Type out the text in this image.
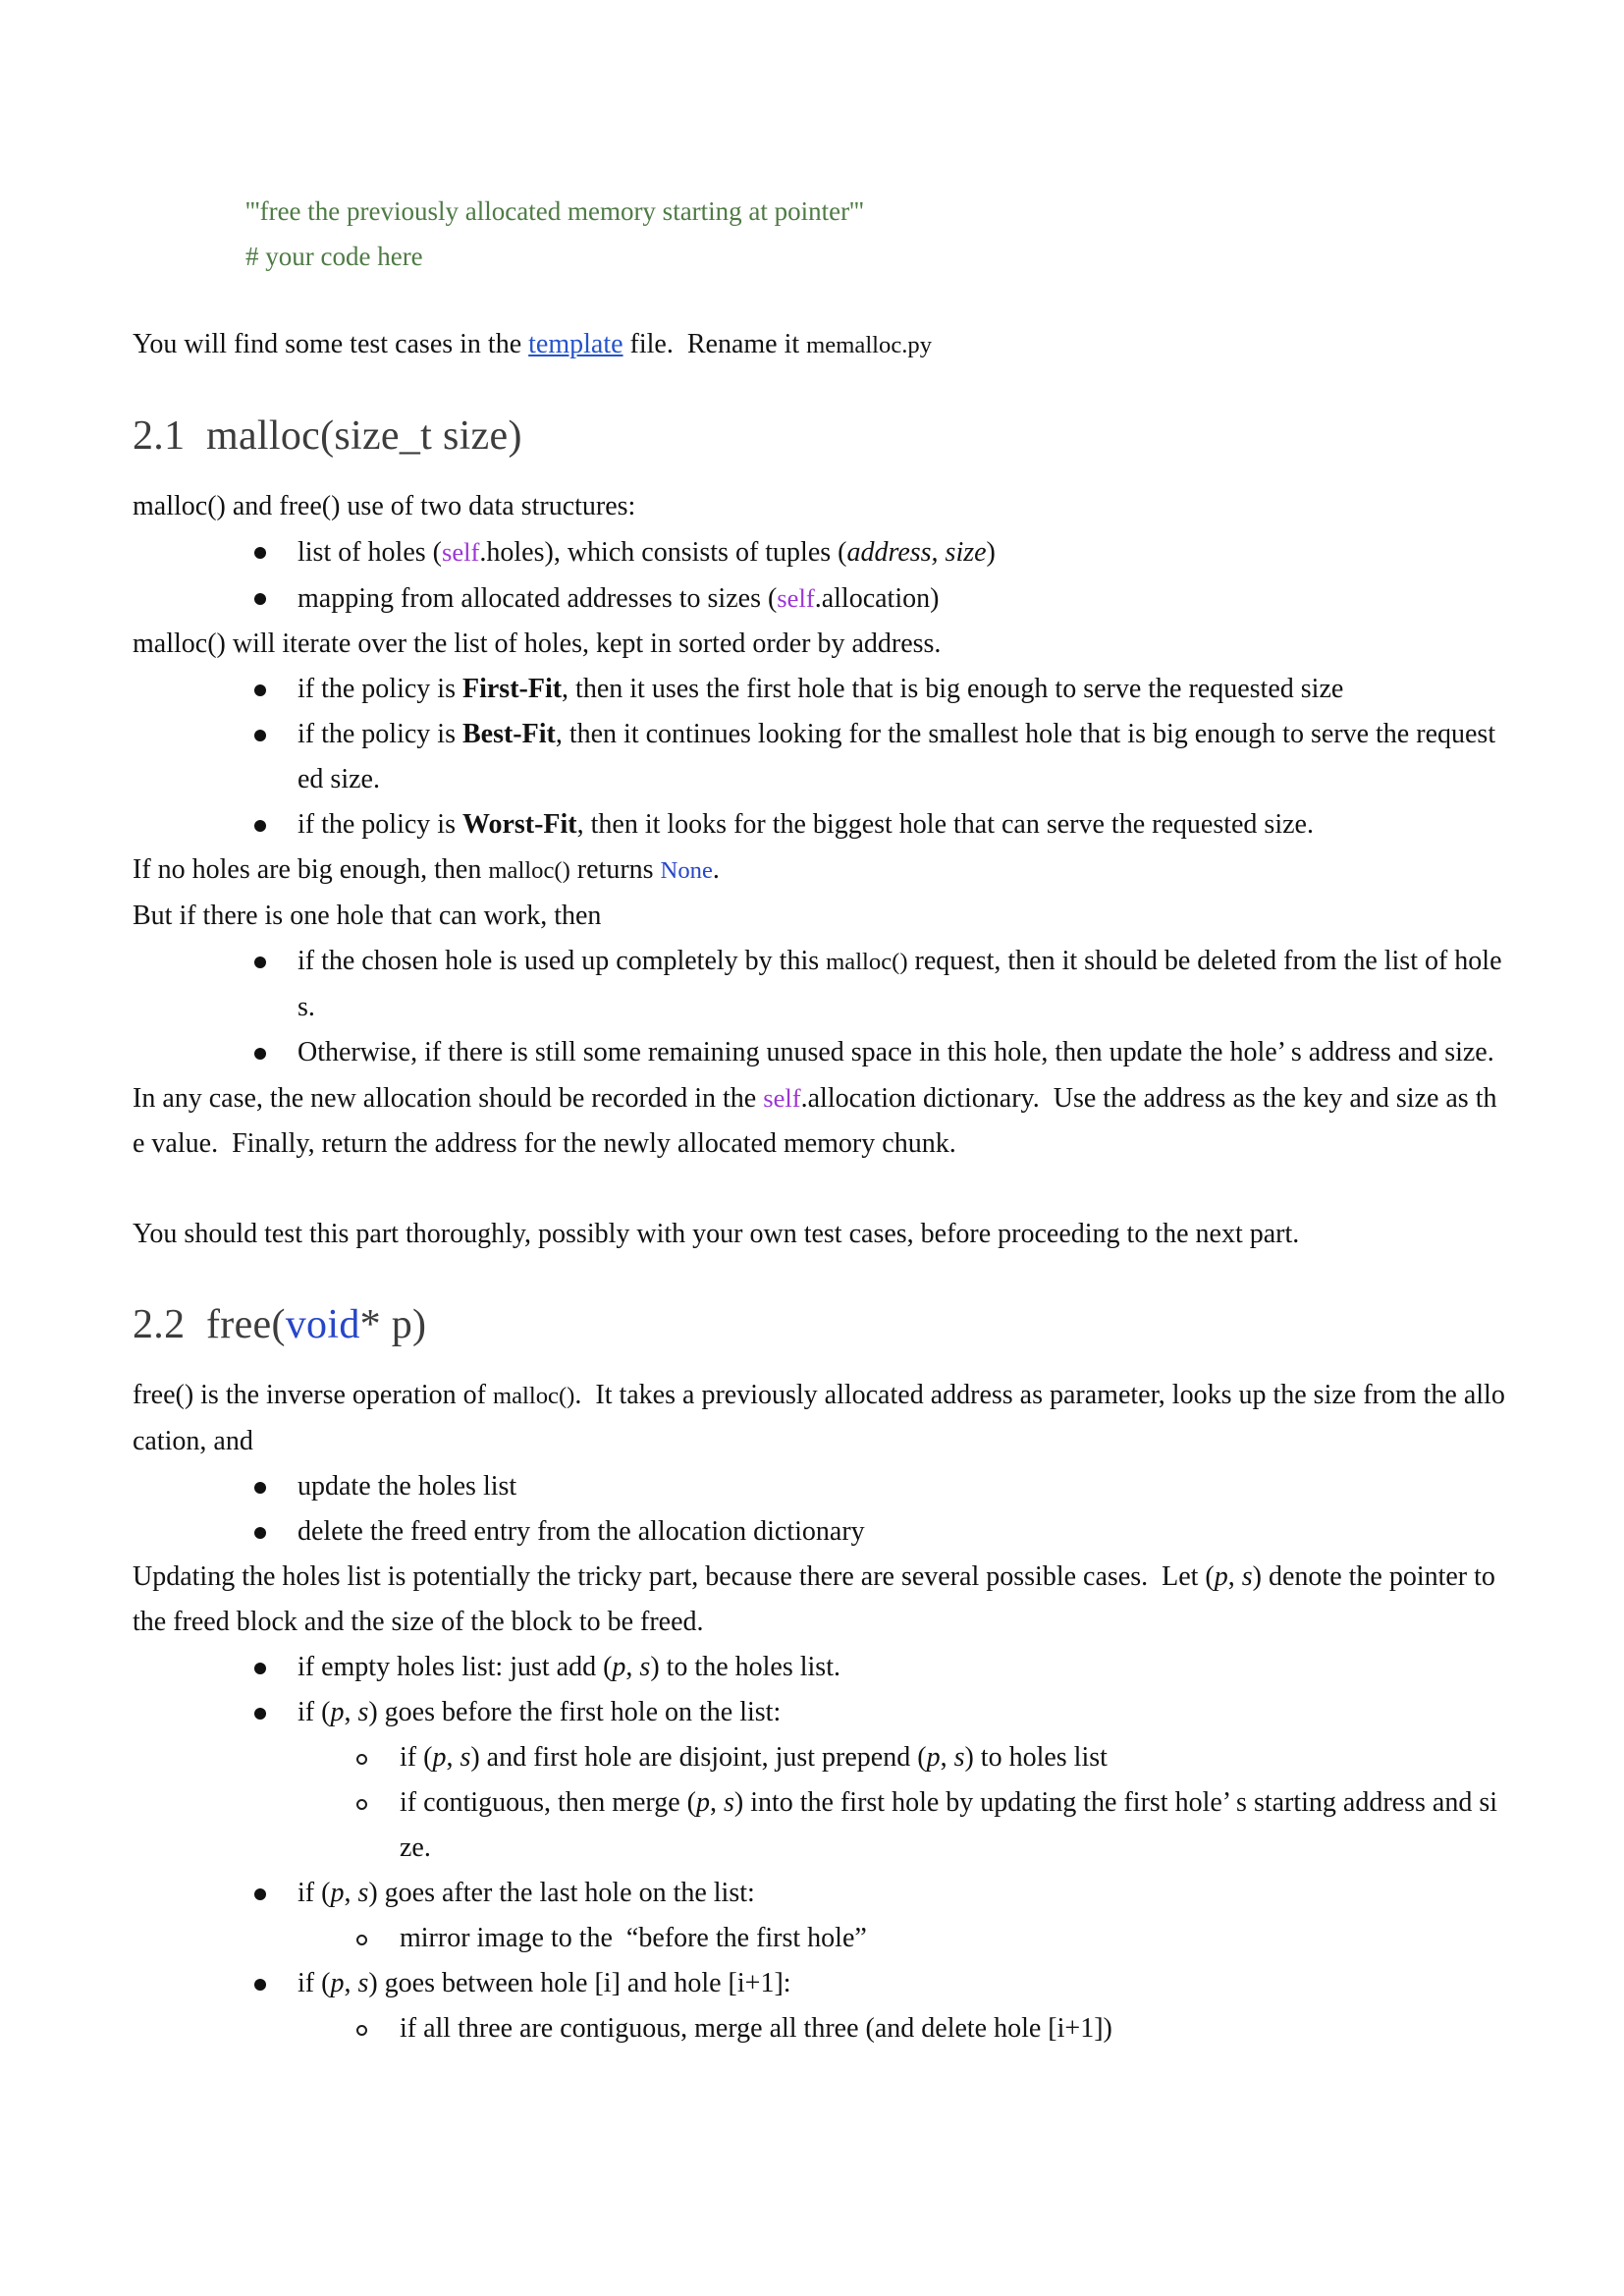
'''free the previously allocated memory starting at pointer'''
# your code here

You will find some test cases in the template file.  Rename it memalloc.py

2.1  malloc(size_t size)

malloc() and free() use of two data structures:

list of holes (self.holes), which consists of tuples (address, size)
mapping from allocated addresses to sizes (self.allocation)

malloc() will iterate over the list of holes, kept in sorted order by address.

if the policy is First-Fit, then it uses the first hole that is big enough to serve the requested size
if the policy is Best-Fit, then it continues looking for the smallest hole that is big enough to serve the requested size.
if the policy is Worst-Fit, then it looks for the biggest hole that can serve the requested size.

If no holes are big enough, then malloc() returns None.

But if there is one hole that can work, then

if the chosen hole is used up completely by this malloc() request, then it should be deleted from the list of holes.
Otherwise, if there is still some remaining unused space in this hole, then update the hole’ s address and size.

In any case, the new allocation should be recorded in the self.allocation dictionary.  Use the address as the key and size as the value.  Finally, return the address for the newly allocated memory chunk.

You should test this part thoroughly, possibly with your own test cases, before proceeding to the next part.

2.2  free(void* p)

free() is the inverse operation of malloc().  It takes a previously allocated address as parameter, looks up the size from the allocation, and

update the holes list
delete the freed entry from the allocation dictionary

Updating the holes list is potentially the tricky part, because there are several possible cases.  Let (p, s) denote the pointer to the freed block and the size of the block to be freed.

if empty holes list: just add (p, s) to the holes list.
if (p, s) goes before the first hole on the list:
if (p, s) and first hole are disjoint, just prepend (p, s) to holes list
if contiguous, then merge (p, s) into the first hole by updating the first hole’ s starting address and size.
if (p, s) goes after the last hole on the list:
mirror image to the  “before the first hole”
if (p, s) goes between hole [i] and hole [i+1]:
if all three are contiguous, merge all three (and delete hole [i+1])
